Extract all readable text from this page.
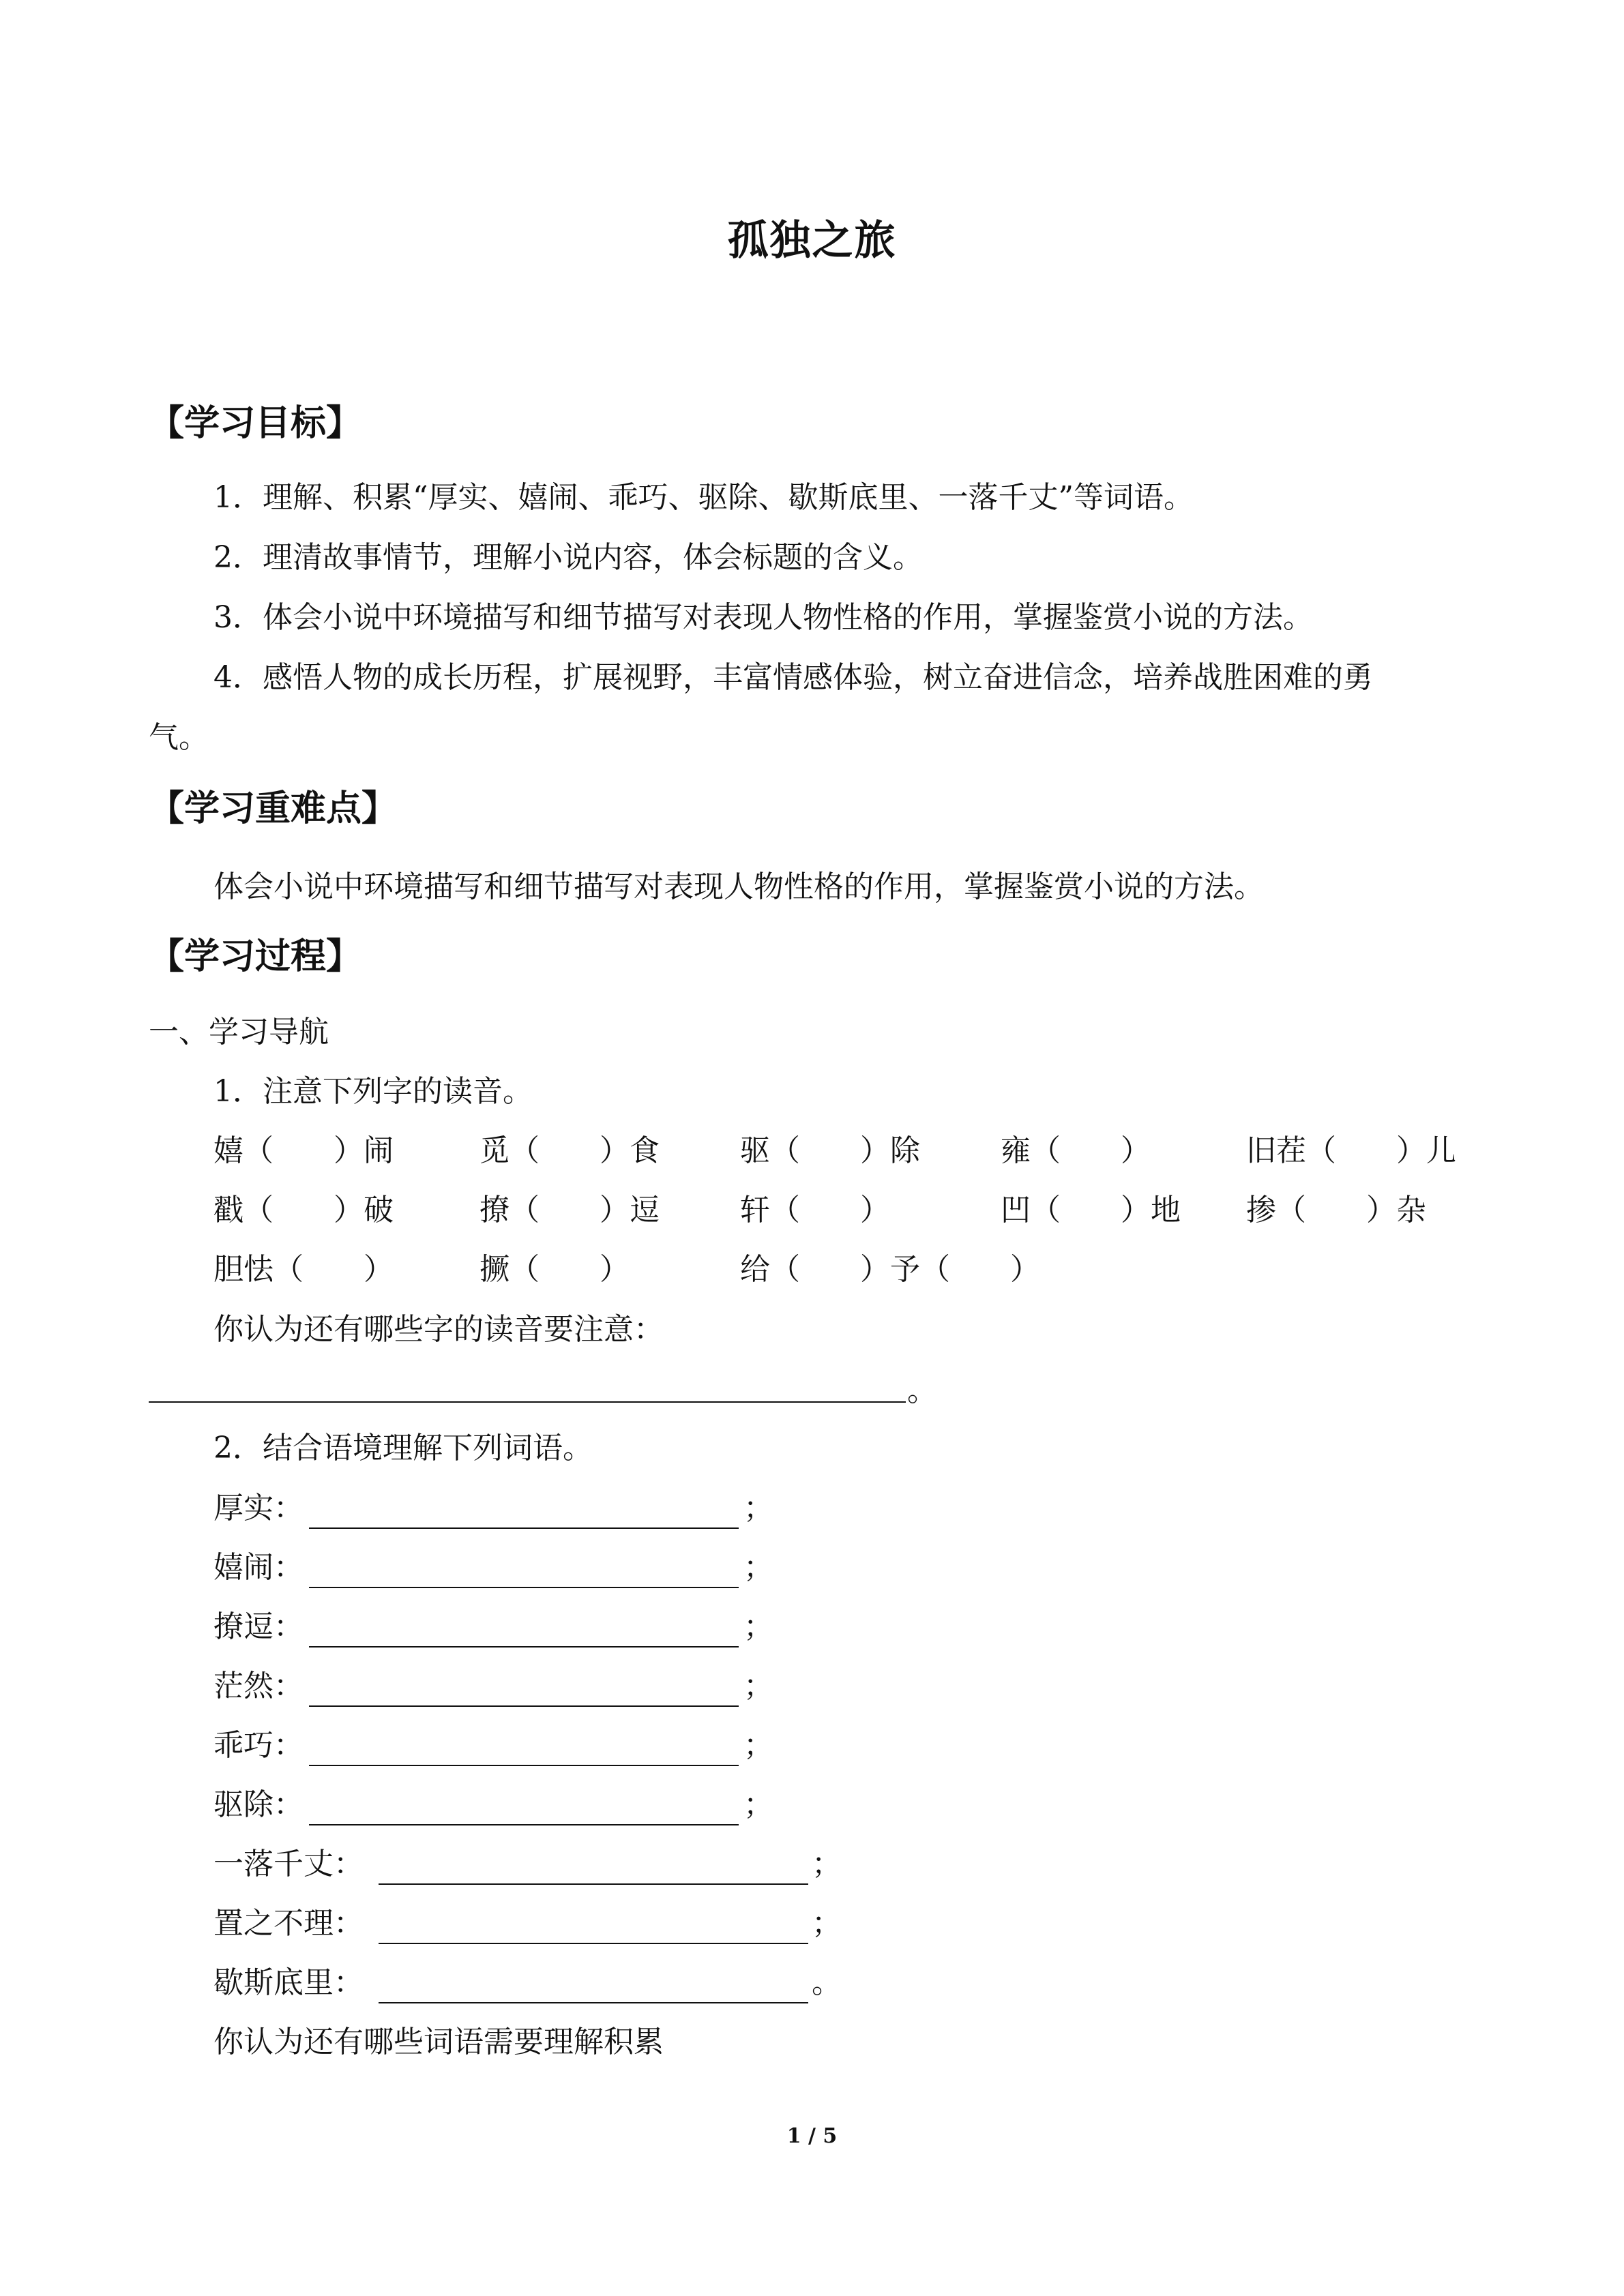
孤独之旅
【学习目标】
1．理解、积累“厚实、嬉闹、乖巧、驱除、歇斯底里、一落千丈”等词语。
2．理清故事情节，理解小说内容，体会标题的含义。
3．体会小说中环境描写和细节描写对表现人物性格的作用，掌握鉴赏小说的方法。
4．感悟人物的成长历程，扩展视野，丰富情感体验，树立奋进信念，培养战胜困难的勇
气。
【学习重难点】
体会小说中环境描写和细节描写对表现人物性格的作用，掌握鉴赏小说的方法。
【学习过程】
一、学习导航
1．注意下列字的读音。
嬉（　　）闹	觅（　　）食	驱（　　）除	雍（　　）	旧茬（　　）儿
戳（　　）破	撩（　　）逗	轩（　　）	凹（　　）地 掺（　　）杂
胆怯（　　）	撅（　　）	给（　　）予（　　）
你认为还有哪些字的读音要注意：
。
2．结合语境理解下列词语。
厚实：	；
嬉闹：	；
撩逗：	；
茫然：	；
乖巧：	；
驱除：	；
一落千丈：	；
置之不理：	；
歇斯底里：	。
你认为还有哪些词语需要理解积累
1 / 5
